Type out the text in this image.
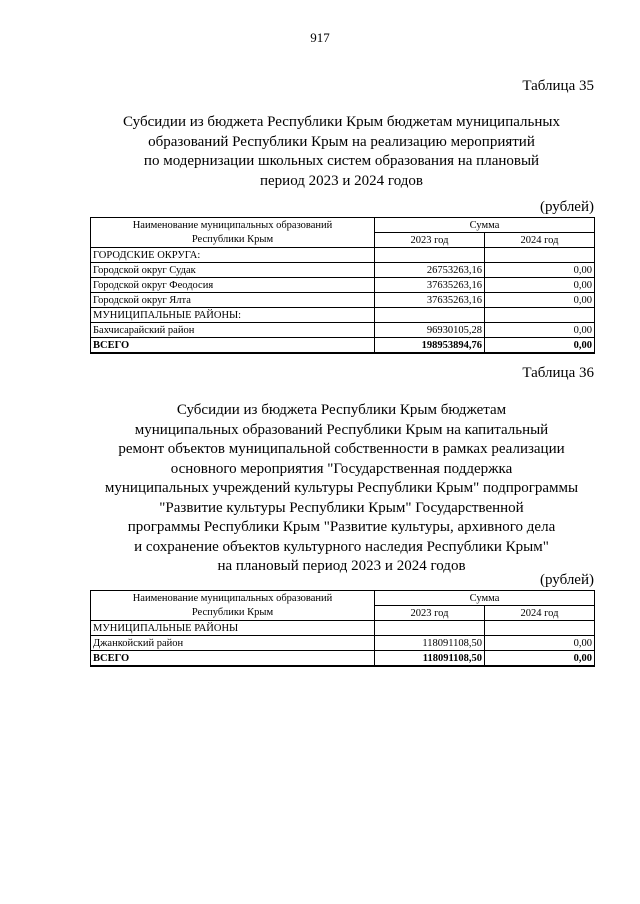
917
Таблица 35
Субсидии из бюджета Республики Крым бюджетам муниципальных
образований Республики Крым на реализацию мероприятий
по модернизации школьных систем образования на плановый
период 2023 и 2024 годов
(рублей)
Наименование муниципальных образований
Республики Крым	Сумма	
	2023 год	2024 год
ГОРОДСКИЕ ОКРУГА:		
Городской округ Судак	26753263,16	0,00
Городской округ Феодосия	37635263,16	0,00
Городской округ Ялта	37635263,16	0,00
МУНИЦИПАЛЬНЫЕ РАЙОНЫ:		
Бахчисарайский район	96930105,28	0,00
ВСЕГО	198953894,76	0,00
Таблица 36
Субсидии из бюджета Республики Крым бюджетам
муниципальных образований Республики Крым на капитальный
ремонт объектов муниципальной собственности в рамках реализации
основного мероприятия "Государственная поддержка
муниципальных учреждений культуры Республики Крым" подпрограммы
"Развитие культуры Республики Крым" Государственной
программы Республики Крым "Развитие культуры, архивного дела
и сохранение объектов культурного наследия Республики Крым"
на плановый период 2023 и 2024 годов
(рублей)
Наименование муниципальных образований
Республики Крым	Сумма	
	2023 год	2024 год
МУНИЦИПАЛЬНЫЕ РАЙОНЫ		
Джанкойский район	118091108,50	0,00
ВСЕГО	118091108,50	0,00
